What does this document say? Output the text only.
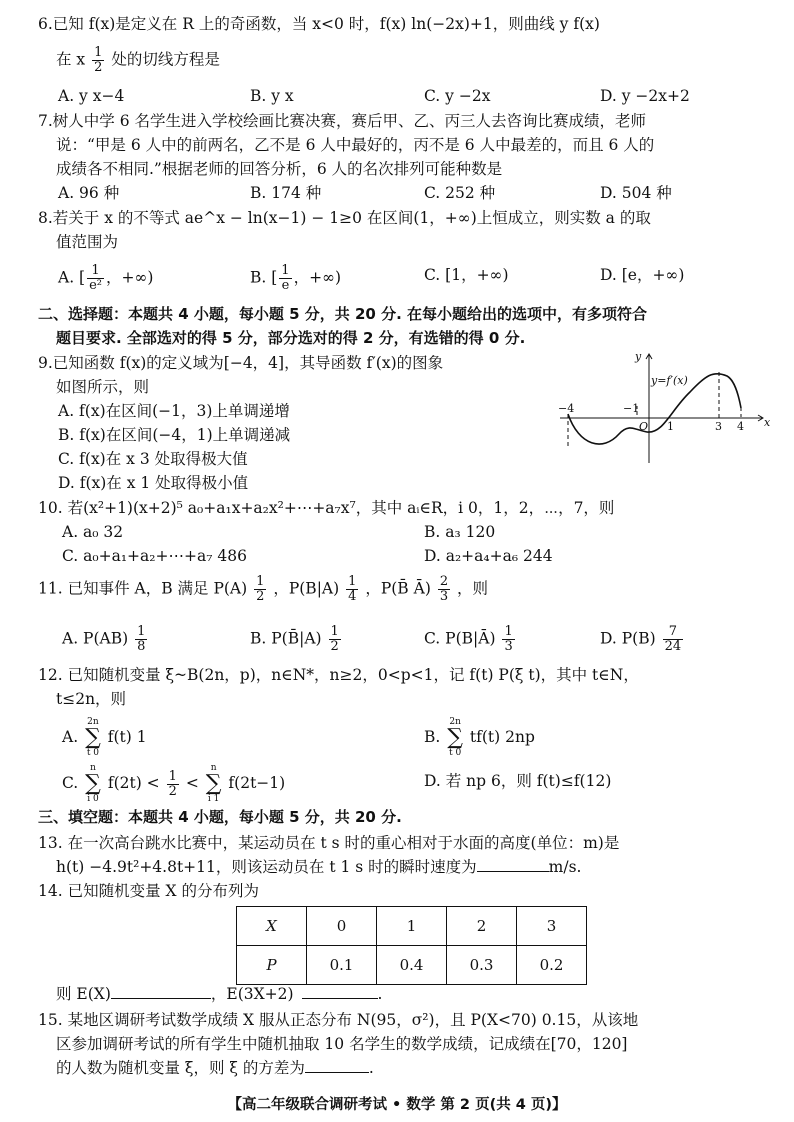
6.已知 f(x)是定义在 R 上的奇函数，当 x<0 时，f(x) ln(−2x)+1，则曲线 y f(x)
在 x $\frac{1}{2}$ 处的切线方程是
A. y x−4	B. y x	C. y −2x	D. y −2x+2
7.树人中学 6 名学生进入学校绘画比赛决赛，赛后甲、乙、丙三人去咨询比赛成绩，老师
说：“甲是 6 人中的前两名，乙不是 6 人中最好的，丙不是 6 人中最差的，而且 6 人的
成绩各不相同.”根据老师的回答分析，6 人的名次排列可能种数是
A. 96 种	B. 174 种	C. 252 种	D. 504 种
8.若关于 x 的不等式 ae^x − ln(x−1) − 1≥0 在区间(1，+∞)上恒成立，则实数 a 的取
值范围为
A. [ $\frac{1}{\text{e²}}$ ，+∞)	B. [ $\frac{1}{e}$ ，+∞)	C. [1，+∞)	D. [e，+∞)
二、选择题：本题共 4 小题，每小题 5 分，共 20 分. 在每小题给出的选项中，有多项符合
题目要求. 全部选对的得 5 分，部分选对的得 2 分，有选错的得 0 分.
9.已知函数 f(x)的定义域为[−4，4]，其导函数 f′(x)的图象
如图所示，则
A. f(x)在区间(−1，3)上单调递增
B. f(x)在区间(−4，1)上单调递减
C. f(x)在 x 3 处取得极大值
D. f(x)在 x 1 处取得极小值
y
x
y=f′(x)
O
−4	−1
1	3 4
10. 若(x²+1)(x+2)⁵ a₀+a₁x+a₂x²+⋯+a₇x⁷，其中 aᵢ∈R，i 0，1，2，⋯，7，则
A. a₀ 32	B. a₃ 120
C. a₀+a₁+a₂+⋯+a₇ 486	D. a₂+a₄+a₆ 244
11. 已知事件 A，B 满足 $P(A) \frac{1}{2}$ ，$P(B|A) \frac{1}{4}$ ，P(B̄ Ā) $\frac{2}{3}$ ，则
A. $P(AB) \frac{1}{8}$	B. P(B̄|A) $\frac{1}{2}$	C. P(B|Ā) $\frac{1}{3}$	D. $P(B) \frac{7}{24}$
12. 已知随机变量 ξ~B(2n，p)，n∈N*，n≥2，0<p<1，记 f(t) P(ξ t)，其中 t∈N，
t≤2n，则
A. 2n
∑
t 0 f(t) 1	B. 2n
∑
t 0 tf(t) 2np
C. n
∑
i 0 $f(2t) < \frac{1}{2} < n$
∑
i 1 f(2t−1)	D. 若 np 6，则 f(t)≤f(12)
三、填空题：本题共 4 小题，每小题 5 分，共 20 分.
13. 在一次高台跳水比赛中，某运动员在 t s 时的重心相对于水面的高度(单位：m)是
h(t) −4.9t²+4.8t+11，则该运动员在 t 1 s 时的瞬时速度为	m/s.
14. 已知随机变量 X 的分布列为
X	0	1	2	3
P	0.1	0.4	0.3	0.2
则 E(X)	，E(3X+2)	.
15. 某地区调研考试数学成绩 X 服从正态分布 N(95，σ²)，且 P(X<70) 0.15，从该地
区参加调研考试的所有学生中随机抽取 10 名学生的数学成绩，记成绩在[70，120]
的人数为随机变量 ξ，则 ξ 的方差为	.
【高二年级联合调研考试 • 数学 第 2 页(共 4 页)】
